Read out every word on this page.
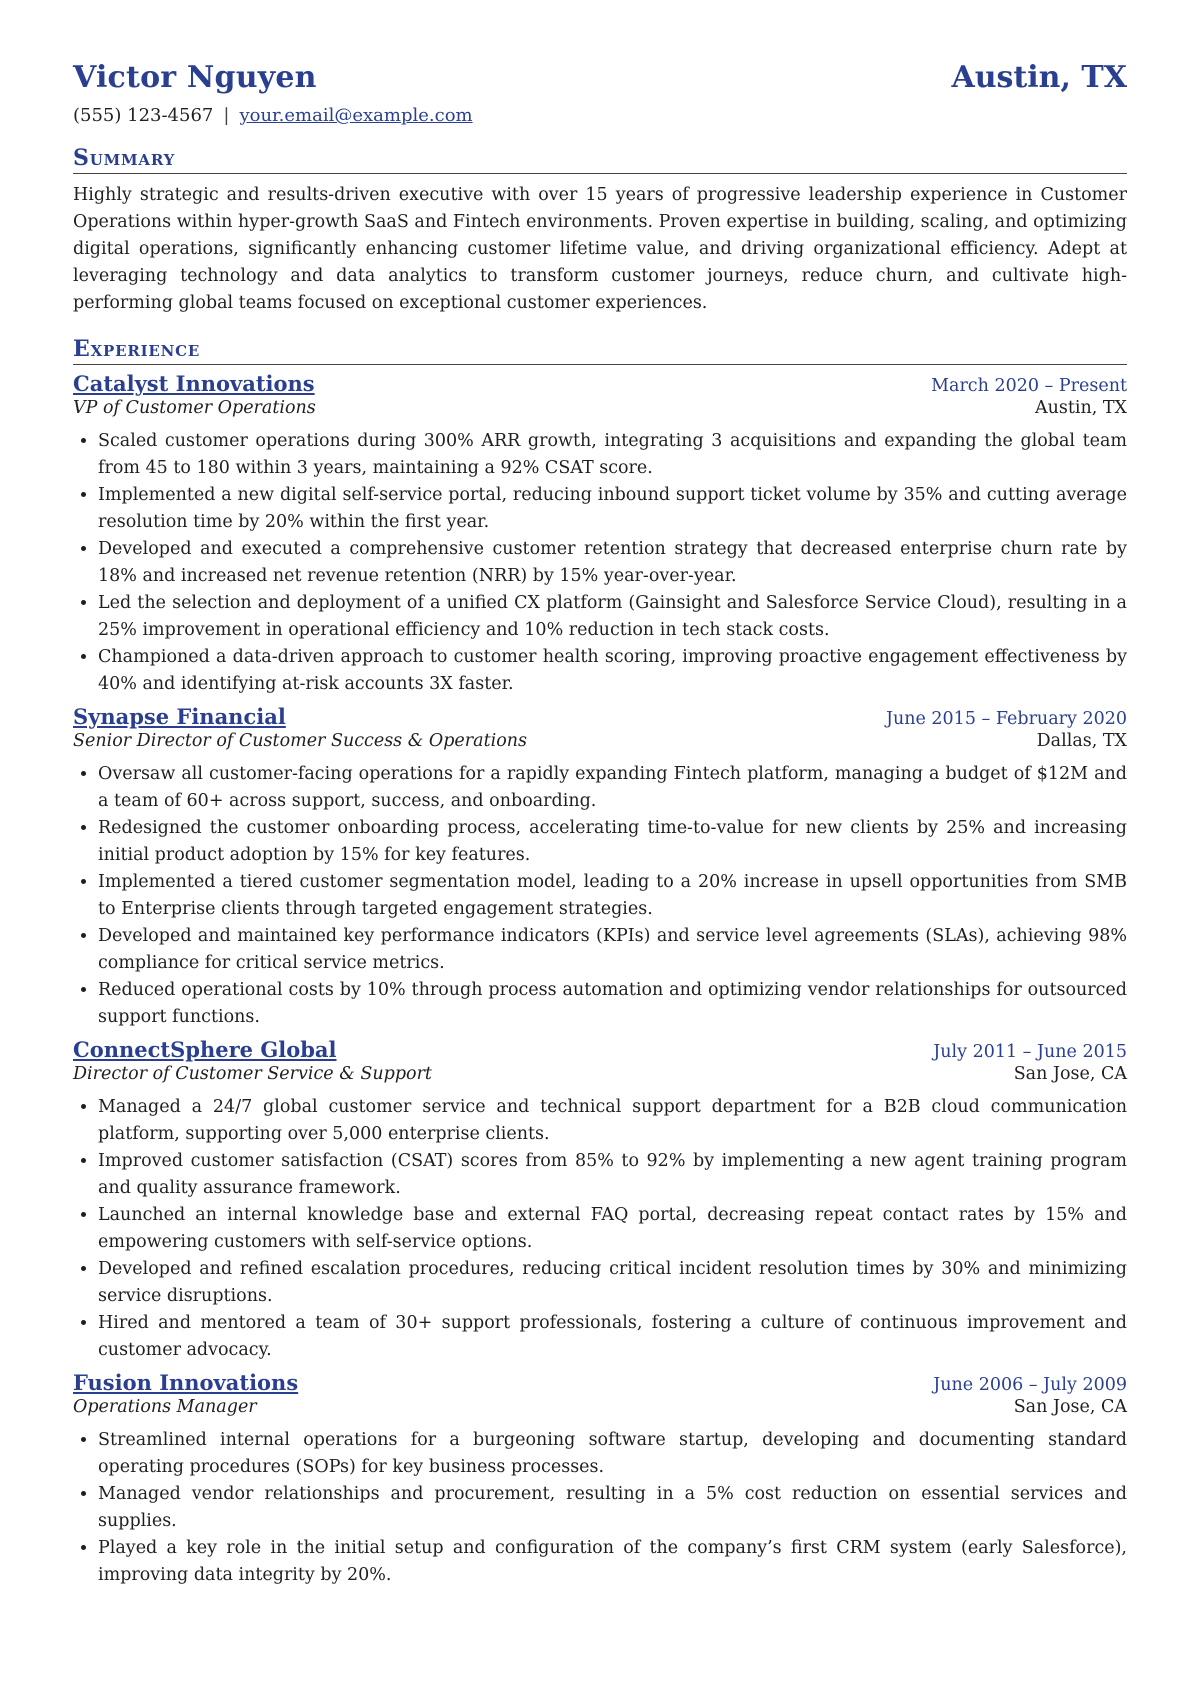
Victor Nguyen	Austin, TX
(555) 123-4567 | your.email@example.com
Summary
Highly strategic and results-driven executive with over 15 years of progressive leadership experience in Customer Operations within hyper-growth SaaS and Fintech environments. Proven expertise in building, scaling, and optimizing digital operations, significantly enhancing customer lifetime value, and driving organizational efficiency. Adept at leveraging technology and data analytics to transform customer journeys, reduce churn, and cultivate high-performing global teams focused on exceptional customer experiences.
Experience
Catalyst Innovations	March 2020 – Present
VP of Customer Operations	Austin, TX
• Scaled customer operations during 300% ARR growth, integrating 3 acquisitions and expanding the global team from 45 to 180 within 3 years, maintaining a 92% CSAT score.
• Implemented a new digital self-service portal, reducing inbound support ticket volume by 35% and cutting average resolution time by 20% within the first year.
• Developed and executed a comprehensive customer retention strategy that decreased enterprise churn rate by 18% and increased net revenue retention (NRR) by 15% year-over-year.
• Led the selection and deployment of a unified CX platform (Gainsight and Salesforce Service Cloud), resulting in a 25% improvement in operational efficiency and 10% reduction in tech stack costs.
• Championed a data-driven approach to customer health scoring, improving proactive engagement effectiveness by 40% and identifying at-risk accounts 3X faster.
Synapse Financial	June 2015 – February 2020
Senior Director of Customer Success & Operations	Dallas, TX
• Oversaw all customer-facing operations for a rapidly expanding Fintech platform, managing a budget of $12M and a team of 60+ across support, success, and onboarding.
• Redesigned the customer onboarding process, accelerating time-to-value for new clients by 25% and increasing initial product adoption by 15% for key features.
• Implemented a tiered customer segmentation model, leading to a 20% increase in upsell opportunities from SMB to Enterprise clients through targeted engagement strategies.
• Developed and maintained key performance indicators (KPIs) and service level agreements (SLAs), achieving 98% compliance for critical service metrics.
• Reduced operational costs by 10% through process automation and optimizing vendor relationships for outsourced support functions.
ConnectSphere Global	July 2011 – June 2015
Director of Customer Service & Support	San Jose, CA
• Managed a 24/7 global customer service and technical support department for a B2B cloud communication platform, supporting over 5,000 enterprise clients.
• Improved customer satisfaction (CSAT) scores from 85% to 92% by implementing a new agent training program and quality assurance framework.
• Launched an internal knowledge base and external FAQ portal, decreasing repeat contact rates by 15% and empowering customers with self-service options.
• Developed and refined escalation procedures, reducing critical incident resolution times by 30% and minimizing service disruptions.
• Hired and mentored a team of 30+ support professionals, fostering a culture of continuous improvement and customer advocacy.
Fusion Innovations	June 2006 – July 2009
Operations Manager	San Jose, CA
• Streamlined internal operations for a burgeoning software startup, developing and documenting standard operating procedures (SOPs) for key business processes.
• Managed vendor relationships and procurement, resulting in a 5% cost reduction on essential services and supplies.
• Played a key role in the initial setup and configuration of the company’s first CRM system (early Salesforce), improving data integrity by 20%.
